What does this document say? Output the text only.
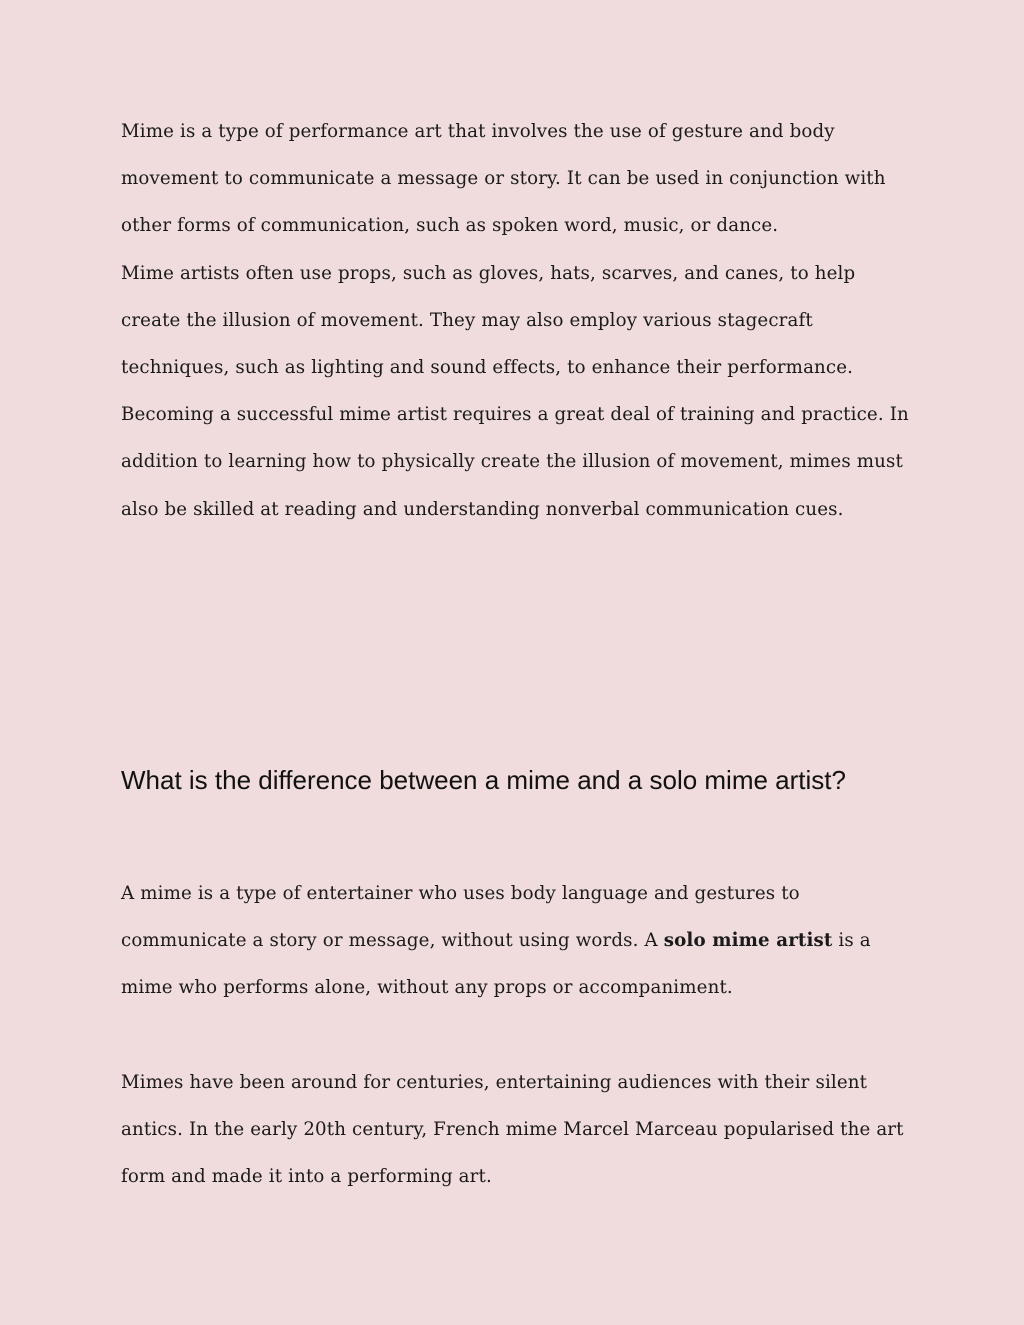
Mime is a type of performance art that involves the use of gesture and body movement to communicate a message or story. It can be used in conjunction with other forms of communication, such as spoken word, music, or dance.

Mime artists often use props, such as gloves, hats, scarves, and canes, to help create the illusion of movement. They may also employ various stagecraft techniques, such as lighting and sound effects, to enhance their performance.

Becoming a successful mime artist requires a great deal of training and practice. In addition to learning how to physically create the illusion of movement, mimes must also be skilled at reading and understanding nonverbal communication cues.

What is the difference between a mime and a solo mime artist?

A mime is a type of entertainer who uses body language and gestures to communicate a story or message, without using words. A solo mime artist is a mime who performs alone, without any props or accompaniment.

Mimes have been around for centuries, entertaining audiences with their silent antics. In the early 20th century, French mime Marcel Marceau popularised the art form and made it into a performing art.
